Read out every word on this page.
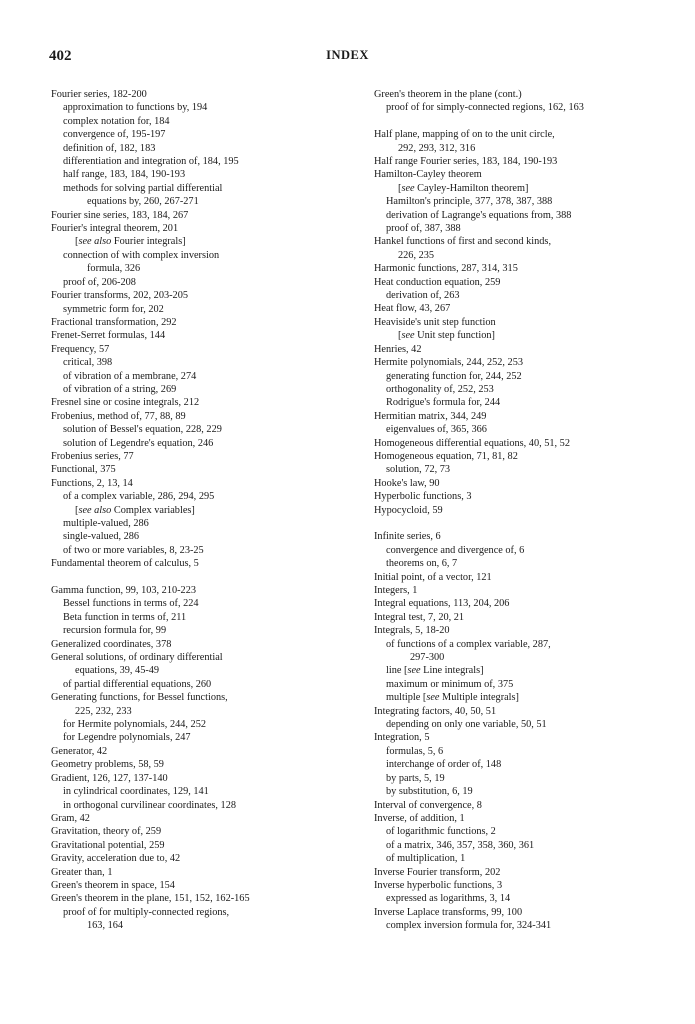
402	INDEX
Fourier series, 182-200
approximation to functions by, 194
complex notation for, 184
convergence of, 195-197
definition of, 182, 183
differentiation and integration of, 184, 195
half range, 183, 184, 190-193
methods for solving partial differential
equations by, 260, 267-271
Fourier sine series, 183, 184, 267
Fourier's integral theorem, 201
[see also Fourier integrals]
connection of with complex inversion
formula, 326
proof of, 206-208
Fourier transforms, 202, 203-205
symmetric form for, 202
Fractional transformation, 292
Frenet-Serret formulas, 144
Frequency, 57
critical, 398
of vibration of a membrane, 274
of vibration of a string, 269
Fresnel sine or cosine integrals, 212
Frobenius, method of, 77, 88, 89
solution of Bessel's equation, 228, 229
solution of Legendre's equation, 246
Frobenius series, 77
Functional, 375
Functions, 2, 13, 14
of a complex variable, 286, 294, 295
[see also Complex variables]
multiple-valued, 286
single-valued, 286
of two or more variables, 8, 23-25
Fundamental theorem of calculus, 5
Gamma function, 99, 103, 210-223
Bessel functions in terms of, 224
Beta function in terms of, 211
recursion formula for, 99
Generalized coordinates, 378
General solutions, of ordinary differential
equations, 39, 45-49
of partial differential equations, 260
Generating functions, for Bessel functions,
225, 232, 233
for Hermite polynomials, 244, 252
for Legendre polynomials, 247
Generator, 42
Geometry problems, 58, 59
Gradient, 126, 127, 137-140
in cylindrical coordinates, 129, 141
in orthogonal curvilinear coordinates, 128
Gram, 42
Gravitation, theory of, 259
Gravitational potential, 259
Gravity, acceleration due to, 42
Greater than, 1
Green's theorem in space, 154
Green's theorem in the plane, 151, 152, 162-165
proof of for multiply-connected regions,
163, 164
Green's theorem in the plane (cont.)
proof of for simply-connected regions, 162, 163
Half plane, mapping of on to the unit circle,
292, 293, 312, 316
Half range Fourier series, 183, 184, 190-193
Hamilton-Cayley theorem
[see Cayley-Hamilton theorem]
Hamilton's principle, 377, 378, 387, 388
derivation of Lagrange's equations from, 388
proof of, 387, 388
Hankel functions of first and second kinds,
226, 235
Harmonic functions, 287, 314, 315
Heat conduction equation, 259
derivation of, 263
Heat flow, 43, 267
Heaviside's unit step function
[see Unit step function]
Henries, 42
Hermite polynomials, 244, 252, 253
generating function for, 244, 252
orthogonality of, 252, 253
Rodrigue's formula for, 244
Hermitian matrix, 344, 249
eigenvalues of, 365, 366
Homogeneous differential equations, 40, 51, 52
Homogeneous equation, 71, 81, 82
solution, 72, 73
Hooke's law, 90
Hyperbolic functions, 3
Hypocycloid, 59
Infinite series, 6
convergence and divergence of, 6
theorems on, 6, 7
Initial point, of a vector, 121
Integers, 1
Integral equations, 113, 204, 206
Integral test, 7, 20, 21
Integrals, 5, 18-20
of functions of a complex variable, 287,
297-300
line [see Line integrals]
maximum or minimum of, 375
multiple [see Multiple integrals]
Integrating factors, 40, 50, 51
depending on only one variable, 50, 51
Integration, 5
formulas, 5, 6
interchange of order of, 148
by parts, 5, 19
by substitution, 6, 19
Interval of convergence, 8
Inverse, of addition, 1
of logarithmic functions, 2
of a matrix, 346, 357, 358, 360, 361
of multiplication, 1
Inverse Fourier transform, 202
Inverse hyperbolic functions, 3
expressed as logarithms, 3, 14
Inverse Laplace transforms, 99, 100
complex inversion formula for, 324-341
